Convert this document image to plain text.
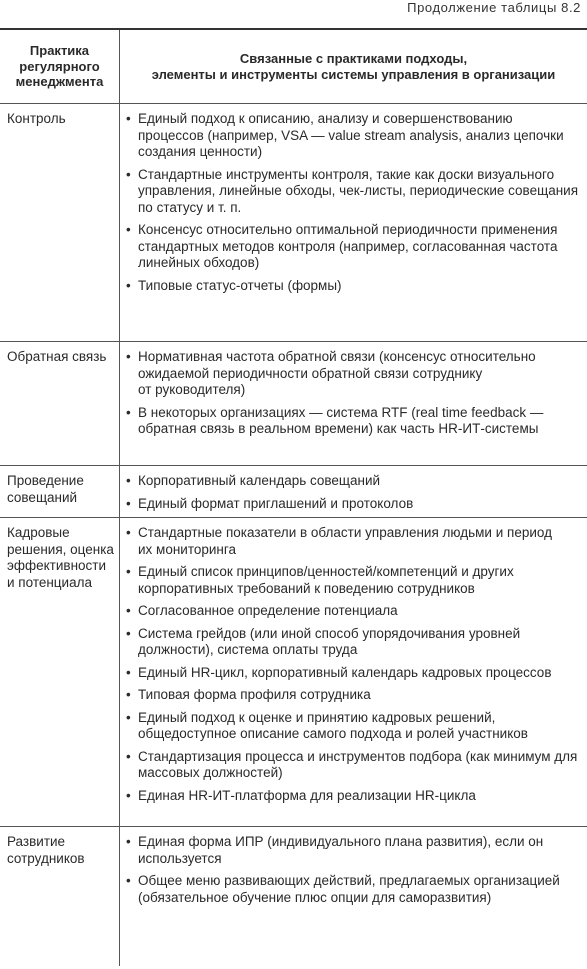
Продолжение таблицы 8.2
Практика
регулярного
менеджмента
Связанные с практиками подходы,
элементы и инструменты системы управления в организации
Контроль	• Единый подход к описанию, анализу и совершенствованию
процессов (например, VSA — value stream analysis, анализ цепочки
создания ценности)
• Стандартные инструменты контроля, такие как доски визуального
управления, линейные обходы, чек-листы, периодические совещания
по статусу и т. п.
• Консенсус относительно оптимальной периодичности применения
стандартных методов контроля (например, согласованная частота
линейных обходов)
• Типовые статус-отчеты (формы)
Обратная связь	• Нормативная частота обратной связи (консенсус относительно
ожидаемой периодичности обратной связи сотруднику
от руководителя)
• В некоторых организациях — система RTF (real time feedback —
обратная связь в реальном времени) как часть HR-ИТ-системы
Проведение
совещаний
• Корпоративный календарь совещаний
• Единый формат приглашений и протоколов
Кадровые
решения, оценка
эффективности
и потенциала
• Стандартные показатели в области управления людьми и период
их мониторинга
• Единый список принципов/ценностей/компетенций и других
корпоративных требований к поведению сотрудников
• Согласованное определение потенциала
• Система грейдов (или иной способ упорядочивания уровней
должности), система оплаты труда
• Единый HR-цикл, корпоративный календарь кадровых процессов
• Типовая форма профиля сотрудника
• Единый подход к оценке и принятию кадровых решений,
общедоступное описание самого подхода и ролей участников
• Стандартизация процесса и инструментов подбора (как минимум для
массовых должностей)
• Единая HR-ИТ-платформа для реализации HR-цикла
Развитие
сотрудников
• Единая форма ИПР (индивидуального плана развития), если он
используется
• Общее меню развивающих действий, предлагаемых организацией
(обязательное обучение плюс опции для саморазвития)
